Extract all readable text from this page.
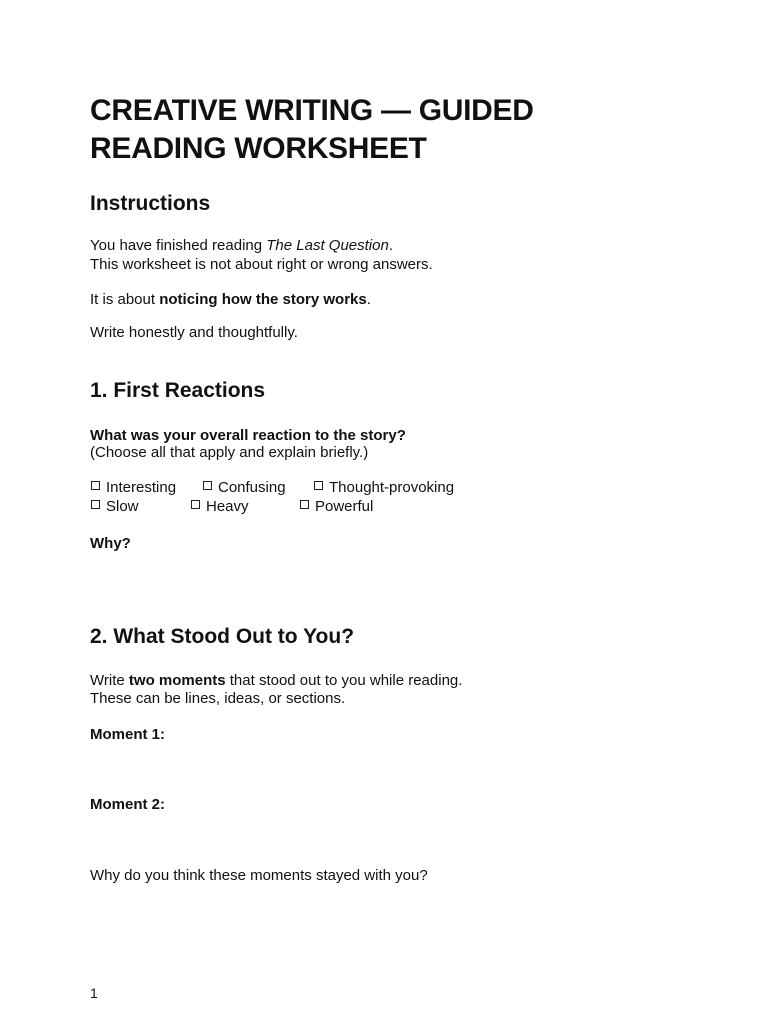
CREATIVE WRITING — GUIDED
READING WORKSHEET
Instructions
You have finished reading The Last Question.
This worksheet is not about right or wrong answers.
It is about noticing how the story works.
Write honestly and thoughtfully.
1. First Reactions
What was your overall reaction to the story?
(Choose all that apply and explain briefly.)
Interesting	Confusing	Thought-provoking
Slow	Heavy	Powerful
Why?
2. What Stood Out to You?
Write two moments that stood out to you while reading.
These can be lines, ideas, or sections.
Moment 1:
Moment 2:
Why do you think these moments stayed with you?
1
